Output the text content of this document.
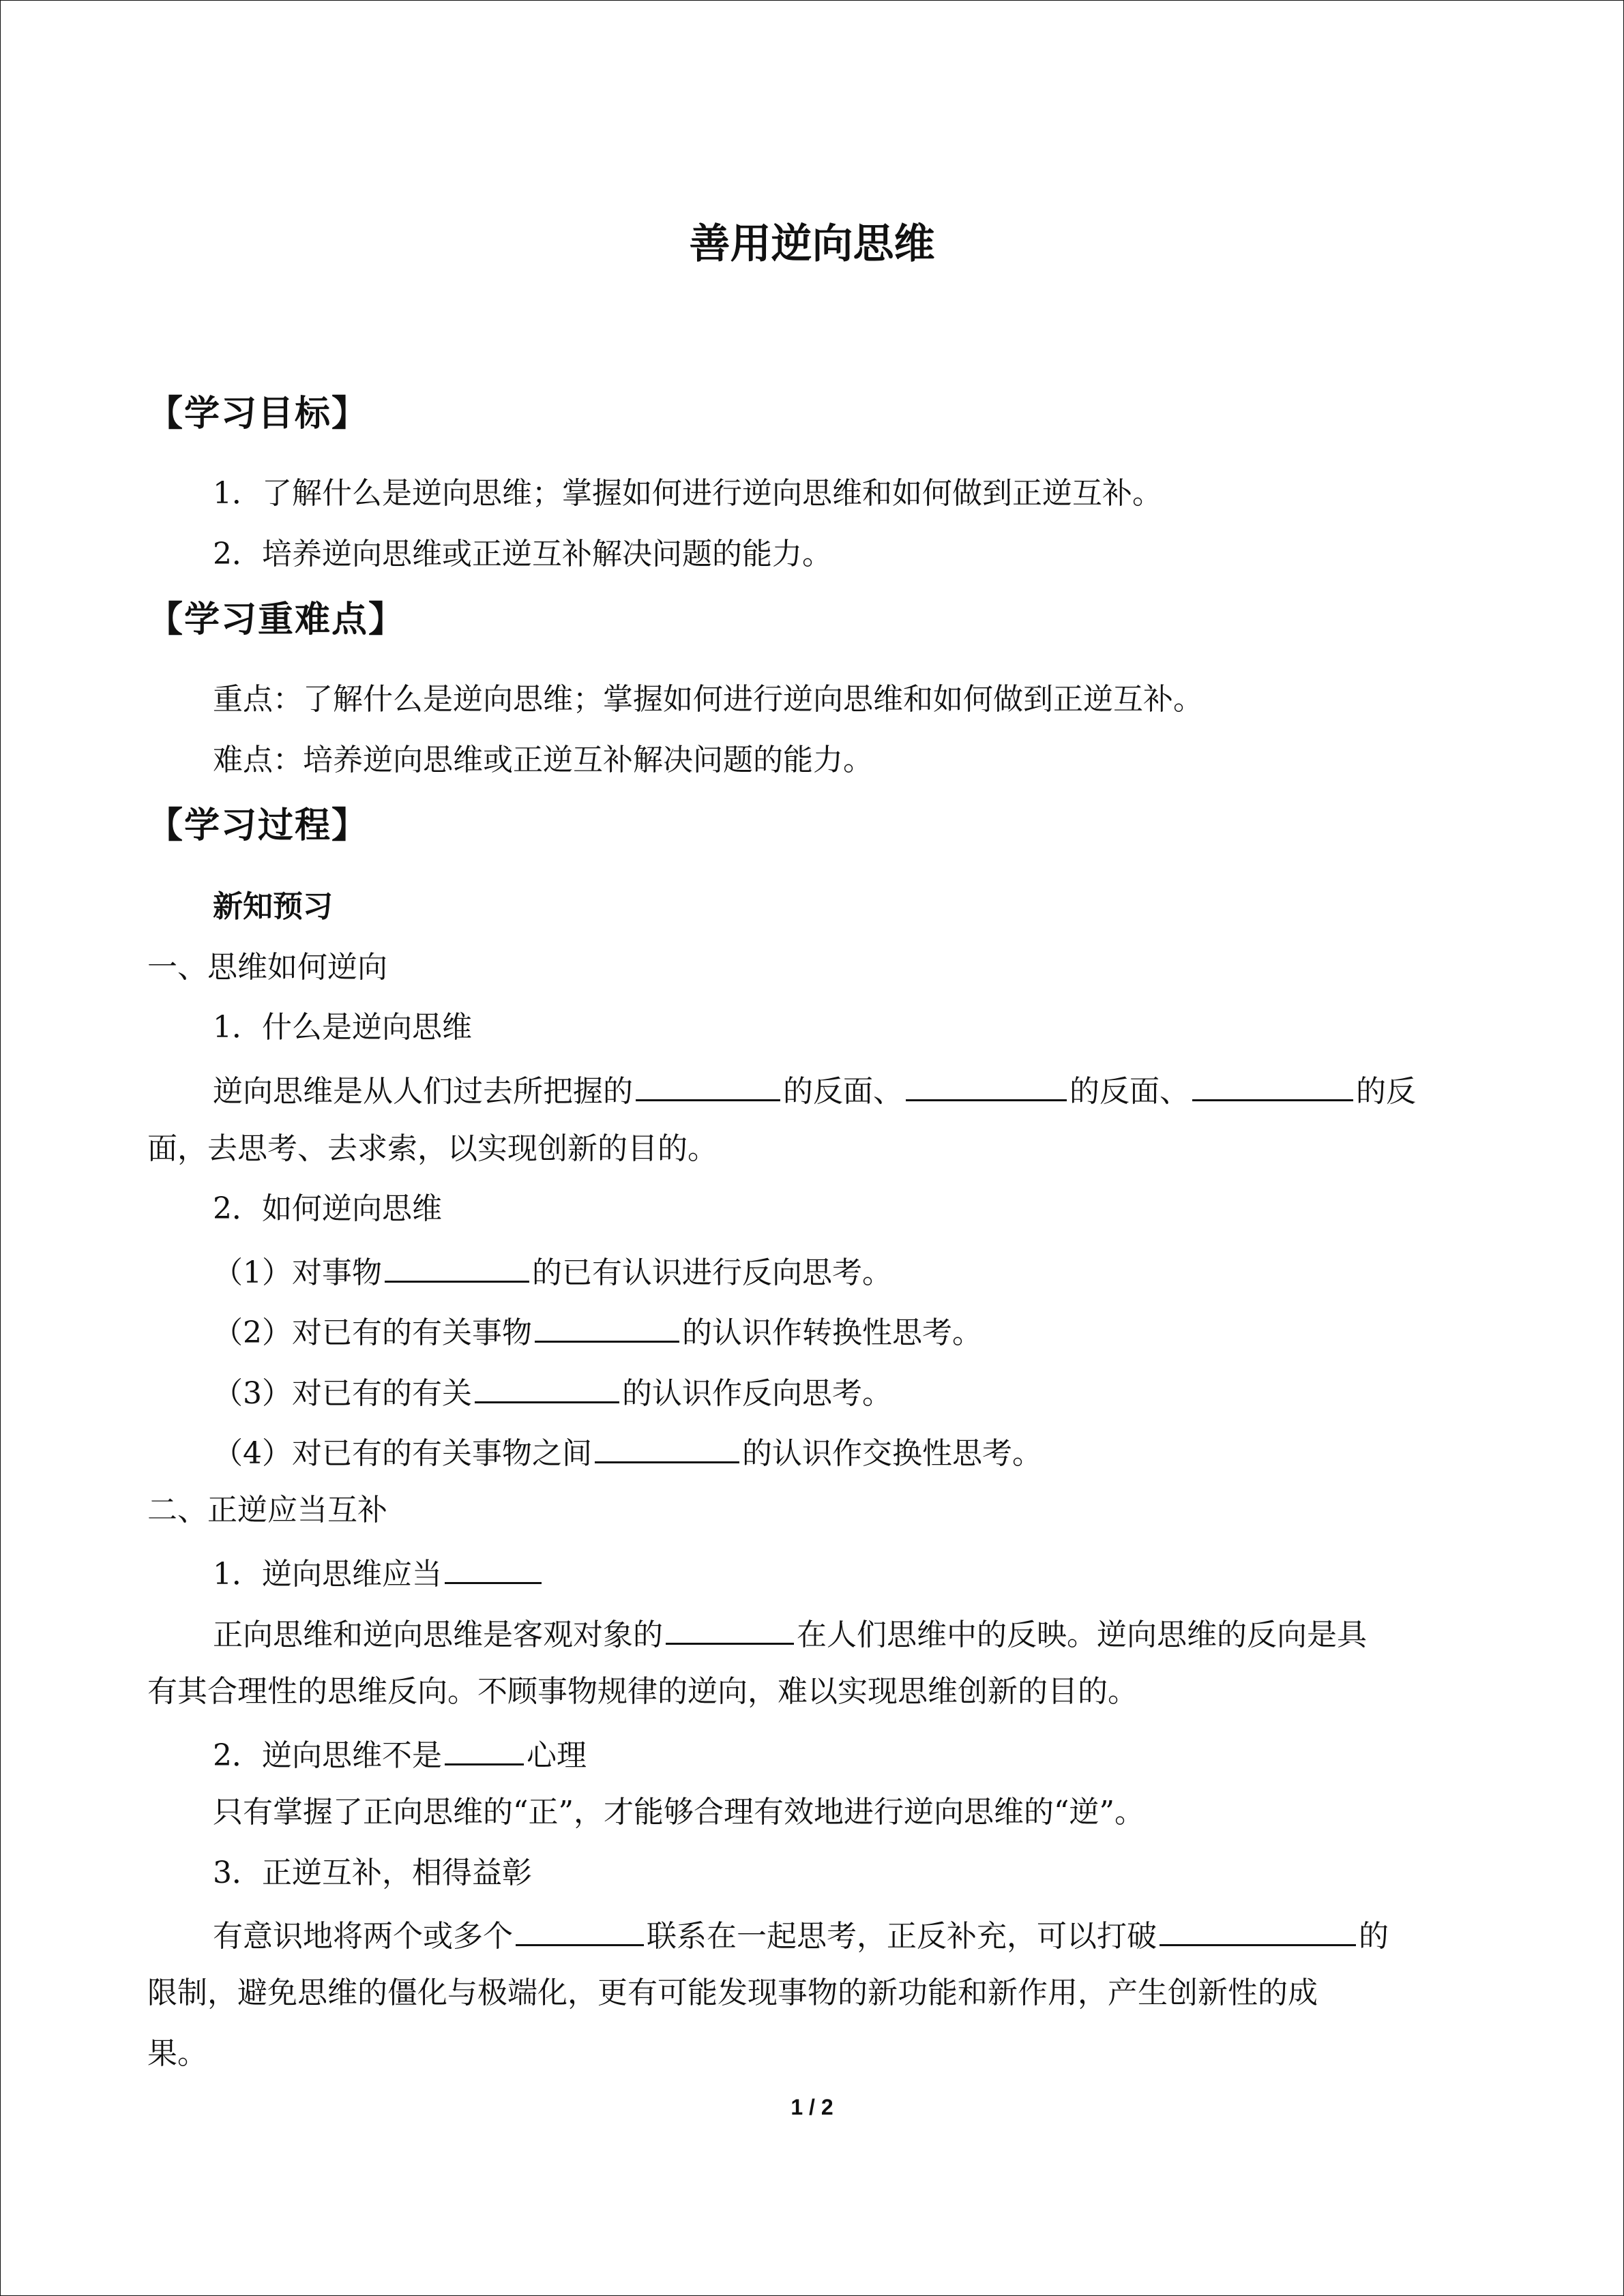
善用逆向思维
【学习目标】
1．了解什么是逆向思维；掌握如何进行逆向思维和如何做到正逆互补。
2．培养逆向思维或正逆互补解决问题的能力。
【学习重难点】
重点：了解什么是逆向思维；掌握如何进行逆向思维和如何做到正逆互补。
难点：培养逆向思维或正逆互补解决问题的能力。
【学习过程】
新知预习
一、思维如何逆向
1．什么是逆向思维
逆向思维是从人们过去所把握的	的反面、	的反面、	的反
面，去思考、去求索，以实现创新的目的。
2．如何逆向思维
（1）对事物	的已有认识进行反向思考。
（2）对已有的有关事物	的认识作转换性思考。
（3）对已有的有关	的认识作反向思考。
（4）对已有的有关事物之间	的认识作交换性思考。
二、正逆应当互补
1．逆向思维应当
正向思维和逆向思维是客观对象的	在人们思维中的反映。逆向思维的反向是具
有其合理性的思维反向。不顾事物规律的逆向，难以实现思维创新的目的。
2．逆向思维不是	心理
只有掌握了正向思维的“正”，才能够合理有效地进行逆向思维的“逆”。
3．正逆互补，相得益彰
有意识地将两个或多个	联系在一起思考，正反补充，可以打破	的
限制，避免思维的僵化与极端化，更有可能发现事物的新功能和新作用，产生创新性的成
果。
1 / 2
